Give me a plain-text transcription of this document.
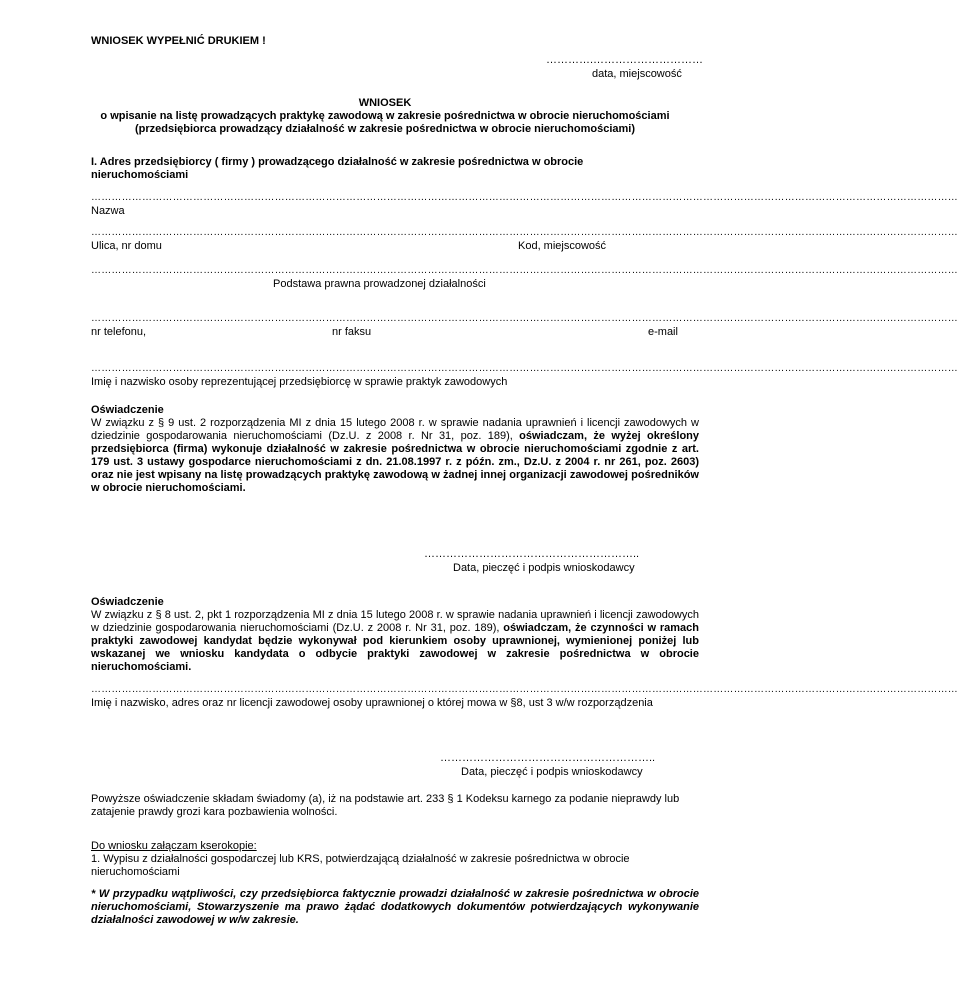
WNIOSEK WYPEŁNIĆ DRUKIEM !
………….…………………………
data, miejscowość
WNIOSEK
o wpisanie na listę prowadzących praktykę zawodową w zakresie pośrednictwa w obrocie nieruchomościami
(przedsiębiorca prowadzący działalność w zakresie pośrednictwa w obrocie nieruchomościami)
I. Adres przedsiębiorcy ( firmy ) prowadzącego działalność w zakresie pośrednictwa w obrocie nieruchomościami
…………………………………………………………………………………………………………………………………………………………………………………………………………………………………
Nazwa
…………………………………………………………………………………………………………………………………………………………………………………………………………………………………
Ulica, nr domu	Kod, miejscowość
…………………………………………………………………………………………………………………………………………………………………………………………………………………………………
Podstawa prawna prowadzonej działalności
…………………………………………………………………………………………………………………………………………………………………………………………………………………………………
nr telefonu,	nr faksu	e-mail
…………………………………………………………………………………………………………………………………………………………………………………………………………………………………
Imię i nazwisko osoby reprezentującej przedsiębiorcę w sprawie praktyk zawodowych
Oświadczenie
W związku z § 9 ust. 2 rozporządzenia MI z dnia 15 lutego 2008 r. w sprawie nadania uprawnień i licencji zawodowych w dziedzinie gospodarowania nieruchomościami (Dz.U. z 2008 r. Nr 31, poz. 189), oświadczam, że wyżej określony przedsiębiorca (firma) wykonuje działalność w zakresie pośrednictwa w obrocie nieruchomościami zgodnie z art. 179 ust. 3 ustawy gospodarce nieruchomościami z dn. 21.08.1997 r. z późn. zm., Dz.U. z 2004 r. nr 261, poz. 2603) oraz nie jest wpisany na listę prowadzących praktykę zawodową w żadnej innej organizacji zawodowej pośredników w obrocie nieruchomościami.
…………………………………………………..
Data, pieczęć i podpis wnioskodawcy
Oświadczenie
W związku z § 8 ust. 2, pkt 1 rozporządzenia MI z dnia 15 lutego 2008 r. w sprawie nadania uprawnień i licencji zawodowych w dziedzinie gospodarowania nieruchomościami (Dz.U. z 2008 r. Nr 31, poz. 189), oświadczam, że czynności w ramach praktyki zawodowej kandydat będzie wykonywał pod kierunkiem osoby uprawnionej, wymienionej poniżej lub wskazanej we wniosku kandydata o odbycie praktyki zawodowej w zakresie pośrednictwa w obrocie nieruchomościami.
…………………………………………………………………………………………………………………………………………………………………………………………………………………………………
Imię i nazwisko, adres oraz nr licencji zawodowej osoby uprawnionej o której mowa w §8, ust 3 w/w rozporządzenia
…………………………………………………..
Data, pieczęć i podpis wnioskodawcy
Powyższe oświadczenie składam świadomy (a), iż na podstawie art. 233 § 1 Kodeksu karnego za podanie nieprawdy lub zatajenie prawdy grozi kara pozbawienia wolności.
Do wniosku załączam kserokopie:
1. Wypisu z działalności gospodarczej lub KRS, potwierdzającą działalność w zakresie pośrednictwa w obrocie nieruchomościami
* W przypadku wątpliwości, czy przedsiębiorca faktycznie prowadzi działalność w zakresie pośrednictwa w obrocie nieruchomościami, Stowarzyszenie ma prawo żądać dodatkowych dokumentów potwierdzających wykonywanie działalności zawodowej w w/w zakresie.
